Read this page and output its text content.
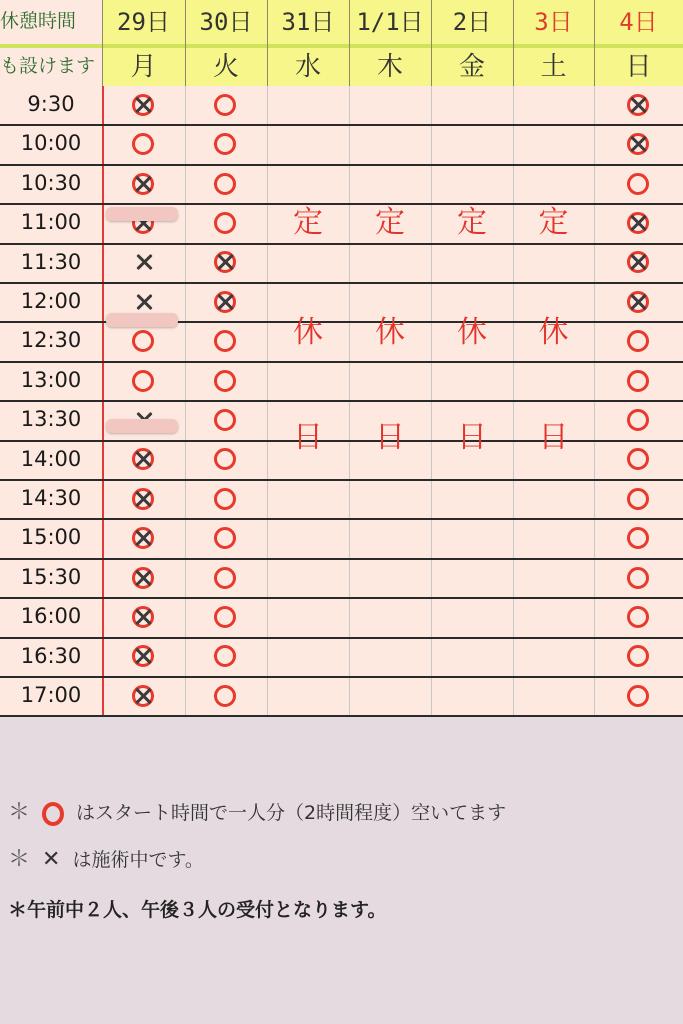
休憩時間
も設けます
29日
月
30日
火
31日
水
1/1日
木
2日
金
3日
土
4日
日
9:30
10:00
10:30
11:00
11:30
12:00
12:30
13:00
13:30
14:00
14:30
15:00
15:30
16:00
16:30
17:00
定
休
日
定
休
日
定
休
日
定
休
日
＊ はスタート時間で一人分（2時間程度）空いてます
＊ ✕ は施術中です。
＊午前中２人、午後３人の受付となります。
